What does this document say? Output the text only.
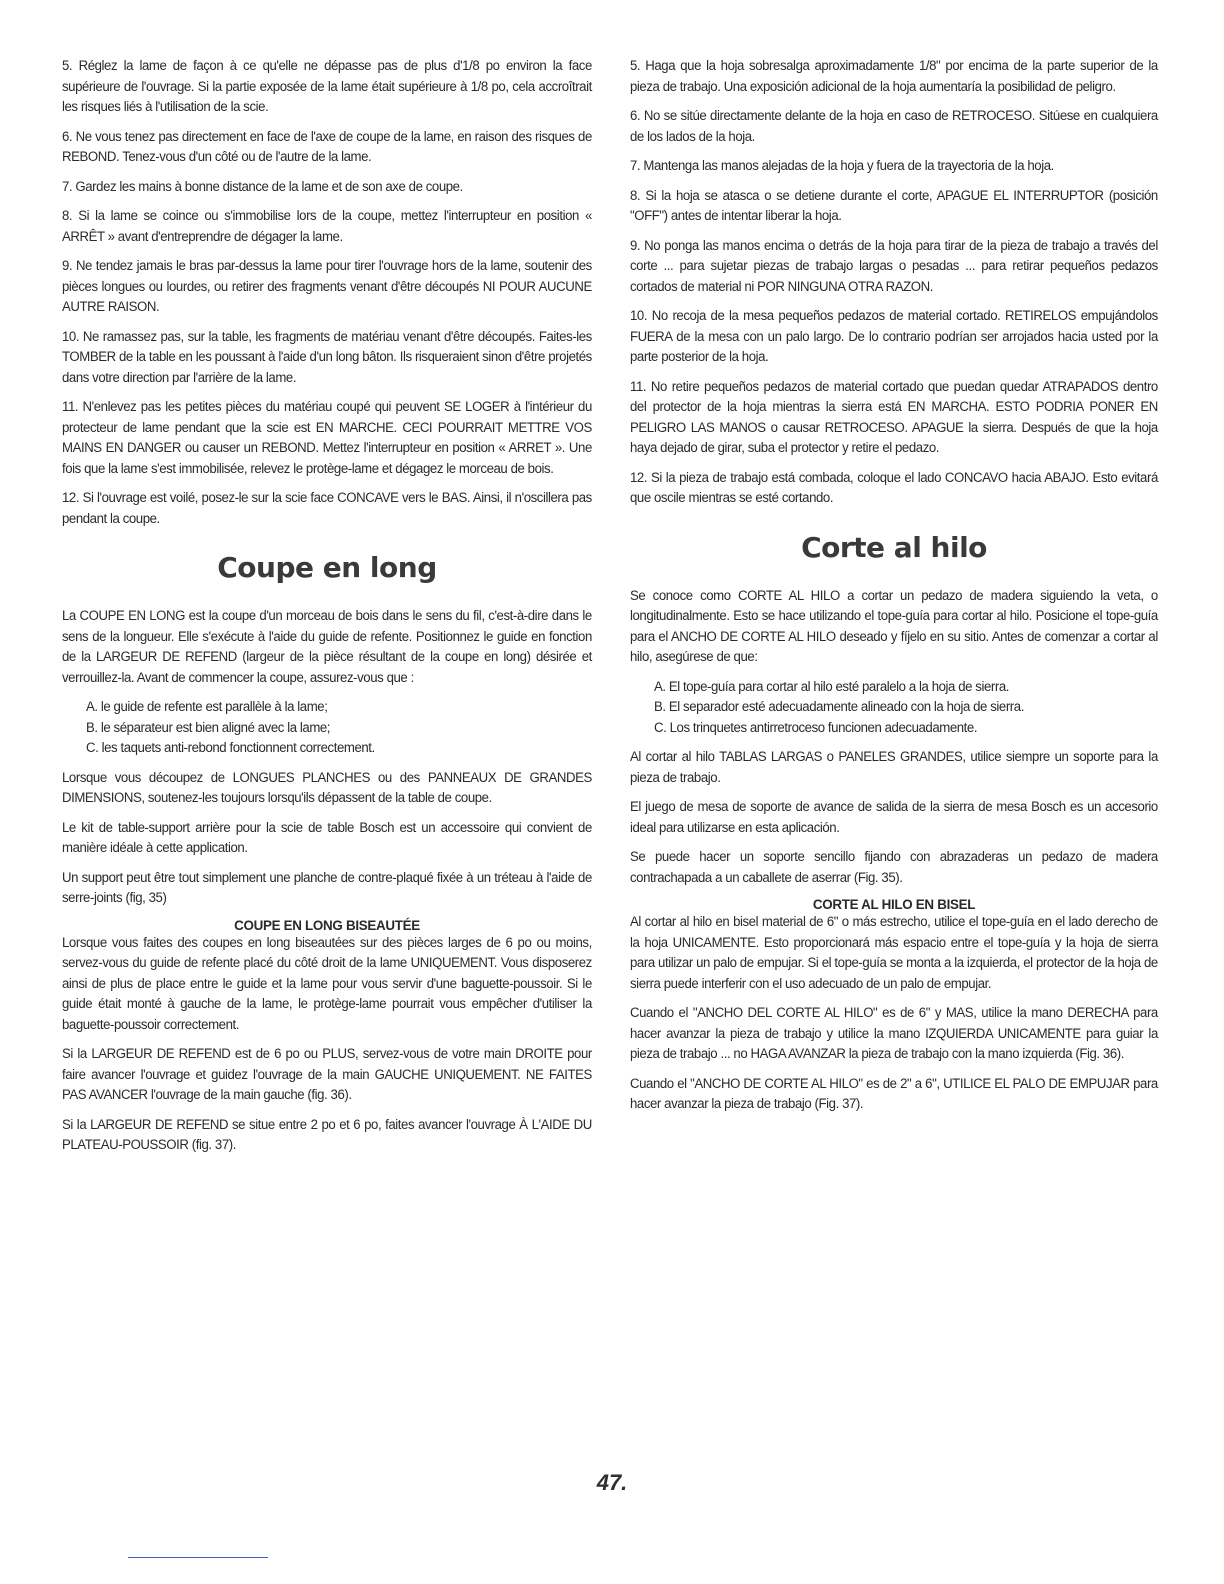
5. Réglez la lame de façon à ce qu'elle ne dépasse pas de plus d'1/8 po environ la face supérieure de l'ouvrage. Si la partie exposée de la lame était supérieure à 1/8 po, cela accroîtrait les risques liés à l'utilisation de la scie.

6. Ne vous tenez pas directement en face de l'axe de coupe de la lame, en raison des risques de REBOND. Tenez-vous d'un côté ou de l'autre de la lame.

7. Gardez les mains à bonne distance de la lame et de son axe de coupe.

8. Si la lame se coince ou s'immobilise lors de la coupe, mettez l'interrupteur en position « ARRÊT » avant d'entreprendre de dégager la lame.

9. Ne tendez jamais le bras par-dessus la lame pour tirer l'ouvrage hors de la lame, soutenir des pièces longues ou lourdes, ou retirer des fragments venant d'être découpés NI POUR AUCUNE AUTRE RAISON.

10. Ne ramassez pas, sur la table, les fragments de matériau venant d'être découpés. Faites-les TOMBER de la table en les poussant à l'aide d'un long bâton. Ils risqueraient sinon d'être projetés dans votre direction par l'arrière de la lame.

11. N'enlevez pas les petites pièces du matériau coupé qui peuvent SE LOGER à l'intérieur du protecteur de lame pendant que la scie est EN MARCHE. CECI POURRAIT METTRE VOS MAINS EN DANGER ou causer un REBOND. Mettez l'interrupteur en position « ARRET ». Une fois que la lame s'est immobilisée, relevez le protège-lame et dégagez le morceau de bois.

12. Si l'ouvrage est voilé, posez-le sur la scie face CONCAVE vers le BAS. Ainsi, il n'oscillera pas pendant la coupe.

Coupe en long

La COUPE EN LONG est la coupe d'un morceau de bois dans le sens du fil, c'est-à-dire dans le sens de la longueur. Elle s'exécute à l'aide du guide de refente. Positionnez le guide en fonction de la LARGEUR DE REFEND (largeur de la pièce résultant de la coupe en long) désirée et verrouillez-la. Avant de commencer la coupe, assurez-vous que :

A. le guide de refente est parallèle à la lame;

B. le séparateur est bien aligné avec la lame;

C. les taquets anti-rebond fonctionnent correctement.

Lorsque vous découpez de LONGUES PLANCHES ou des PANNEAUX DE GRANDES DIMENSIONS, soutenez-les toujours lorsqu'ils dépassent de la table de coupe.

Le kit de table-support arrière pour la scie de table Bosch est un accessoire qui convient de manière idéale à cette application.

Un support peut être tout simplement une planche de contre-plaqué fixée à un tréteau à l'aide de serre-joints (fig, 35)

COUPE EN LONG BISEAUTÉE

Lorsque vous faites des coupes en long biseautées sur des pièces larges de 6 po ou moins, servez-vous du guide de refente placé du côté droit de la lame UNIQUEMENT. Vous disposerez ainsi de plus de place entre le guide et la lame pour vous servir d'une baguette-poussoir. Si le guide était monté à gauche de la lame, le protège-lame pourrait vous empêcher d'utiliser la baguette-poussoir correctement.

Si la LARGEUR DE REFEND est de 6 po ou PLUS, servez-vous de votre main DROITE pour faire avancer l'ouvrage et guidez l'ouvrage de la main GAUCHE UNIQUEMENT. NE FAITES PAS AVANCER l'ouvrage de la main gauche (fig. 36).

Si la LARGEUR DE REFEND se situe entre 2 po et 6 po, faites avancer l'ouvrage À L'AIDE DU PLATEAU-POUSSOIR (fig. 37).

5. Haga que la hoja sobresalga aproximadamente 1/8" por encima de la parte superior de la pieza de trabajo. Una exposición adicional de la hoja aumentaría la posibilidad de peligro.

6. No se sitúe directamente delante de la hoja en caso de RETROCESO. Sitúese en cualquiera de los lados de la hoja.

7. Mantenga las manos alejadas de la hoja y fuera de la trayectoria de la hoja.

8. Si la hoja se atasca o se detiene durante el corte, APAGUE EL INTERRUPTOR (posición "OFF") antes de intentar liberar la hoja.

9. No ponga las manos encima o detrás de la hoja para tirar de la pieza de trabajo a través del corte ... para sujetar piezas de trabajo largas o pesadas ... para retirar pequeños pedazos cortados de material ni POR NINGUNA OTRA RAZON.

10. No recoja de la mesa pequeños pedazos de material cortado. RETIRELOS empujándolos FUERA de la mesa con un palo largo. De lo contrario podrían ser arrojados hacia usted por la parte posterior de la hoja.

11. No retire pequeños pedazos de material cortado que puedan quedar ATRAPADOS dentro del protector de la hoja mientras la sierra está EN MARCHA. ESTO PODRIA PONER EN PELIGRO LAS MANOS o causar RETROCESO. APAGUE la sierra. Después de que la hoja haya dejado de girar, suba el protector y retire el pedazo.

12. Si la pieza de trabajo está combada, coloque el lado CONCAVO hacia ABAJO. Esto evitará que oscile mientras se esté cortando.

Corte al hilo

Se conoce como CORTE AL HILO a cortar un pedazo de madera siguiendo la veta, o longitudinalmente. Esto se hace utilizando el tope-guía para cortar al hilo. Posicione el tope-guía para el ANCHO DE CORTE AL HILO deseado y fíjelo en su sitio. Antes de comenzar a cortar al hilo, asegúrese de que:

A. El tope-guía para cortar al hilo esté paralelo a la hoja de sierra.

B. El separador esté adecuadamente alineado con la hoja de sierra.

C. Los trinquetes antirretroceso funcionen adecuadamente.

Al cortar al hilo TABLAS LARGAS o PANELES GRANDES, utilice siempre un soporte para la pieza de trabajo.

El juego de mesa de soporte de avance de salida de la sierra de mesa Bosch es un accesorio ideal para utilizarse en esta aplicación.

Se puede hacer un soporte sencillo fijando con abrazaderas un pedazo de madera contrachapada a un caballete de aserrar (Fig. 35).

CORTE AL HILO EN BISEL

Al cortar al hilo en bisel material de 6" o más estrecho, utilice el tope-guía en el lado derecho de la hoja UNICAMENTE. Esto proporcionará más espacio entre el tope-guía y la hoja de sierra para utilizar un palo de empujar. Si el tope-guía se monta a la izquierda, el protector de la hoja de sierra puede interferir con el uso adecuado de un palo de empujar.

Cuando el "ANCHO DEL CORTE AL HILO" es de 6" y MAS, utilice la mano DERECHA para hacer avanzar la pieza de trabajo y utilice la mano IZQUIERDA UNICAMENTE para guiar la pieza de trabajo ... no HAGA AVANZAR la pieza de trabajo con la mano izquierda (Fig. 36).

Cuando el "ANCHO DE CORTE AL HILO" es de 2" a 6", UTILICE EL PALO DE EMPUJAR para hacer avanzar la pieza de trabajo (Fig. 37).

47.
